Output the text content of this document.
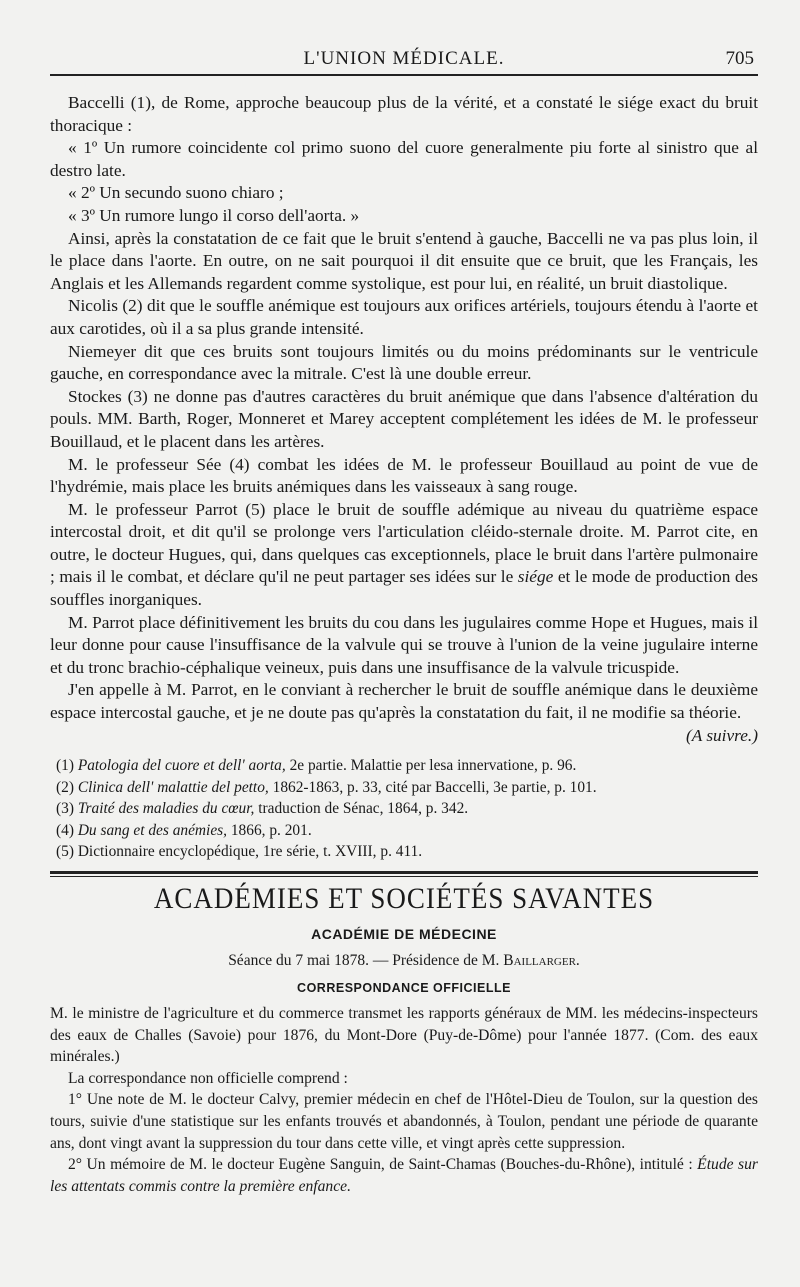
L'UNION MÉDICALE.	705

Baccelli (1), de Rome, approche beaucoup plus de la vérité, et a constaté le siége exact du bruit thoracique :

« 1º Un rumore coincidente col primo suono del cuore generalmente piu forte al sinistro que al destro late.

« 2º Un secundo suono chiaro ;

« 3º Un rumore lungo il corso dell'aorta. »

Ainsi, après la constatation de ce fait que le bruit s'entend à gauche, Baccelli ne va pas plus loin, il le place dans l'aorte. En outre, on ne sait pourquoi il dit ensuite que ce bruit, que les Français, les Anglais et les Allemands regardent comme systolique, est pour lui, en réalité, un bruit diastolique.

Nicolis (2) dit que le souffle anémique est toujours aux orifices artériels, toujours étendu à l'aorte et aux carotides, où il a sa plus grande intensité.

Niemeyer dit que ces bruits sont toujours limités ou du moins prédominants sur le ventricule gauche, en correspondance avec la mitrale. C'est là une double erreur.

Stockes (3) ne donne pas d'autres caractères du bruit anémique que dans l'absence d'altération du pouls. MM. Barth, Roger, Monneret et Marey acceptent complétement les idées de M. le professeur Bouillaud, et le placent dans les artères.

M. le professeur Sée (4) combat les idées de M. le professeur Bouillaud au point de vue de l'hydrémie, mais place les bruits anémiques dans les vaisseaux à sang rouge.

M. le professeur Parrot (5) place le bruit de souffle adémique au niveau du quatrième espace intercostal droit, et dit qu'il se prolonge vers l'articulation cléido-sternale droite. M. Parrot cite, en outre, le docteur Hugues, qui, dans quelques cas exceptionnels, place le bruit dans l'artère pulmonaire ; mais il le combat, et déclare qu'il ne peut partager ses idées sur le siége et le mode de production des souffles inorganiques.

M. Parrot place définitivement les bruits du cou dans les jugulaires comme Hope et Hugues, mais il leur donne pour cause l'insuffisance de la valvule qui se trouve à l'union de la veine jugulaire interne et du tronc brachio-céphalique veineux, puis dans une insuffisance de la valvule tricuspide.

J'en appelle à M. Parrot, en le conviant à rechercher le bruit de souffle anémique dans le deuxième espace intercostal gauche, et je ne doute pas qu'après la constatation du fait, il ne modifie sa théorie.

(A suivre.)

(1) Patologia del cuore et dell' aorta, 2e partie. Malattie per lesa innervatione, p. 96.

(2) Clinica dell' malattie del petto, 1862-1863, p. 33, cité par Baccelli, 3e partie, p. 101.

(3) Traité des maladies du cœur, traduction de Sénac, 1864, p. 342.

(4) Du sang et des anémies, 1866, p. 201.

(5) Dictionnaire encyclopédique, 1re série, t. XVIII, p. 411.

ACADÉMIES ET SOCIÉTÉS SAVANTES
ACADÉMIE DE MÉDECINE
Séance du 7 mai 1878. — Présidence de M. Baillarger.
CORRESPONDANCE OFFICIELLE

M. le ministre de l'agriculture et du commerce transmet les rapports généraux de MM. les médecins-inspecteurs des eaux de Challes (Savoie) pour 1876, du Mont-Dore (Puy-de-Dôme) pour l'année 1877. (Com. des eaux minérales.)

La correspondance non officielle comprend :

1° Une note de M. le docteur Calvy, premier médecin en chef de l'Hôtel-Dieu de Toulon, sur la question des tours, suivie d'une statistique sur les enfants trouvés et abandonnés, à Toulon, pendant une période de quarante ans, dont vingt avant la suppression du tour dans cette ville, et vingt après cette suppression.

2° Un mémoire de M. le docteur Eugène Sanguin, de Saint-Chamas (Bouches-du-Rhône), intitulé : Étude sur les attentats commis contre la première enfance.
